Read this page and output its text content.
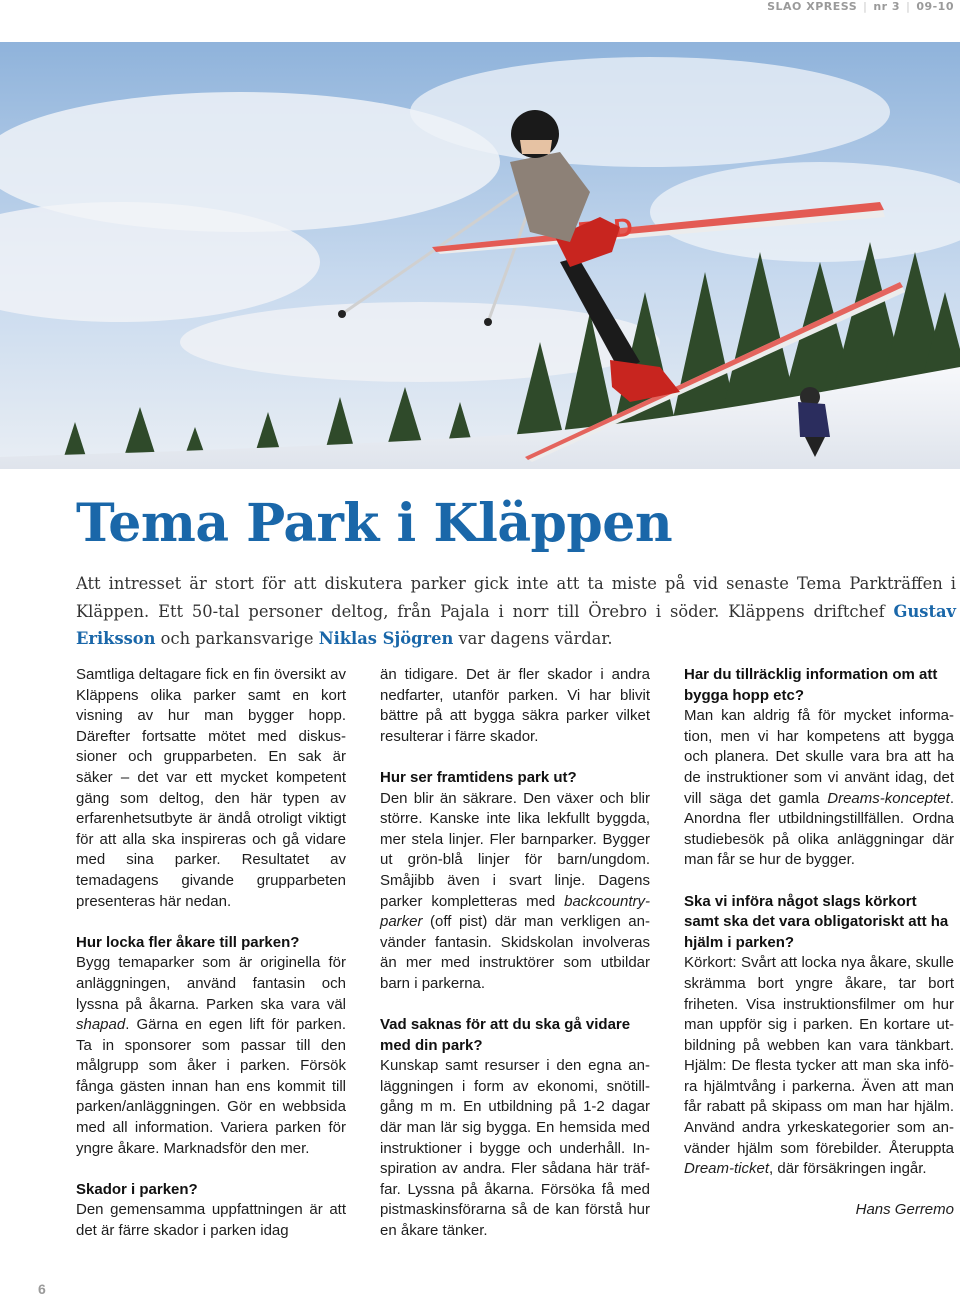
SLAO XPRESS | nr 3 | 09-10
Tema Park i Kläppen

Att intresset är stort för att diskutera parker gick inte att ta miste på vid senaste Tema Parkträffen i Kläppen. Ett 50-tal personer deltog, från Pajala i norr till Örebro i söder. Kläppens driftchef Gustav Eriksson och parkansvarige Niklas Sjögren var dagens värdar.

Samtliga deltagare fick en fin översikt av Kläppens olika parker samt en kort visning av hur man bygger hopp. Därefter fortsatte mötet med diskussioner och grupparbeten. En sak är säker – det var ett mycket kompetent gäng som deltog, den här typen av erfarenhetsutbyte är ändå otroligt viktigt för att alla ska inspireras och gå vidare med sina parker. Resultatet av temadagens givande grupparbeten presenteras här nedan.

Hur locka fler åkare till parken?

Bygg temaparker som är originella för anläggningen, använd fantasin och lyssna på åkarna. Parken ska vara väl shapad. Gärna en egen lift för parken. Ta in sponsorer som passar till den målgrupp som åker i parken. Försök fånga gästen innan han ens kommit till parken/anläggningen. Gör en webbsida med all information. Variera parken för yngre åkare. Marknadsför den mer.

Skador i parken?

Den gemensamma uppfattningen är att det är färre skador i parken idag

än tidigare. Det är fler skador i andra nedfarter, utanför parken. Vi har blivit bättre på att bygga säkra parker vilket resulterar i färre skador.

Hur ser framtidens park ut?

Den blir än säkrare. Den växer och blir större. Kanske inte lika lekfullt byggda, mer stela linjer. Fler barnparker. Bygger ut grön-blå linjer för barn/ungdom. Småjibb även i svart linje. Dagens parker kompletteras med backcountry-parker (off pist) där man verkligen använder fantasin. Skidskolan involveras än mer med instruktörer som utbildar barn i parkerna.

Vad saknas för att du ska gå vidare med din park?

Kunskap samt resurser i den egna anläggningen i form av ekonomi, snötillgång m m. En utbildning på 1-2 dagar där man lär sig bygga. En hemsida med instruktioner i bygge och underhåll. Inspiration av andra. Fler sådana här träffar. Lyssna på åkarna. Försöka få med pistmaskinsförarna så de kan förstå hur en åkare tänker.

Har du tillräcklig information om att bygga hopp etc?

Man kan aldrig få för mycket information, men vi har kompetens att bygga och planera. Det skulle vara bra att ha de instruktioner som vi använt idag, det vill säga det gamla Dreams-konceptet. Anordna fler utbildningstillfällen. Ordna studiebesök på olika anläggningar där man får se hur de bygger.

Ska vi införa något slags körkort samt ska det vara obligatoriskt att ha hjälm i parken?

Körkort: Svårt att locka nya åkare, skulle skrämma bort yngre åkare, tar bort friheten. Visa instruktionsfilmer om hur man uppför sig i parken. En kortare utbildning på webben kan vara tänkbart. Hjälm: De flesta tycker att man ska införa hjälmtvång i parkerna. Även att man får rabatt på skipass om man har hjälm. Använd andra yrkeskategorier som använder hjälm som förebilder. Återuppta Dream-ticket, där försäkringen ingår.

Hans Gerremo

6
